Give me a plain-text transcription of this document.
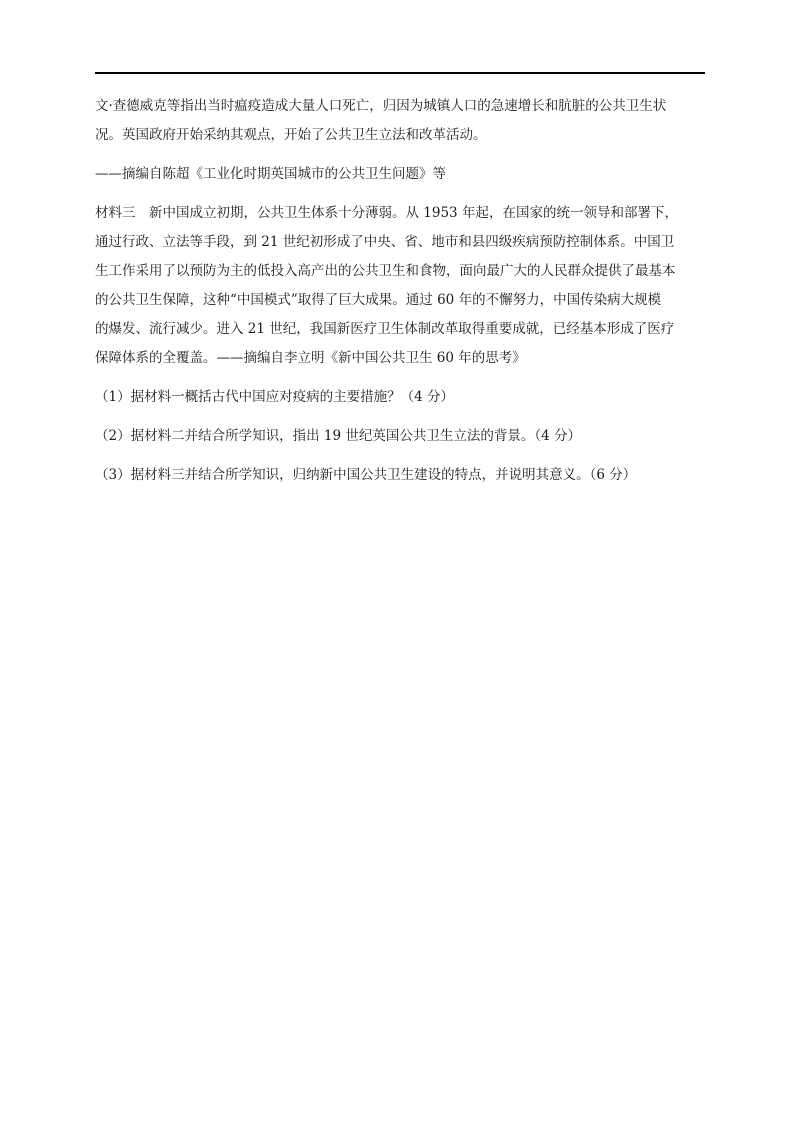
文·查德威克等指出当时瘟疫造成大量人口死亡，归因为城镇人口的急速增长和肮脏的公共卫生状
况。英国政府开始采纳其观点，开始了公共卫生立法和改革活动。

——摘编自陈超《工业化时期英国城市的公共卫生问题》等

材料三　新中国成立初期，公共卫生体系十分薄弱。从 1953 年起，在国家的统一领导和部署下，
通过行政、立法等手段，到 21 世纪初形成了中央、省、地市和县四级疾病预防控制体系。中国卫
生工作采用了以预防为主的低投入高产出的公共卫生和食物，面向最广大的人民群众提供了最基本
的公共卫生保障，这种“中国模式”取得了巨大成果。通过 60 年的不懈努力，中国传染病大规模
的爆发、流行减少。进入 21 世纪，我国新医疗卫生体制改革取得重要成就，已经基本形成了医疗
保障体系的全覆盖。——摘编自李立明《新中国公共卫生 60 年的思考》

（1）据材料一概括古代中国应对疫病的主要措施？（4 分）

（2）据材料二并结合所学知识，指出 19 世纪英国公共卫生立法的背景。（4 分）

（3）据材料三并结合所学知识，归纳新中国公共卫生建设的特点，并说明其意义。（6 分）
